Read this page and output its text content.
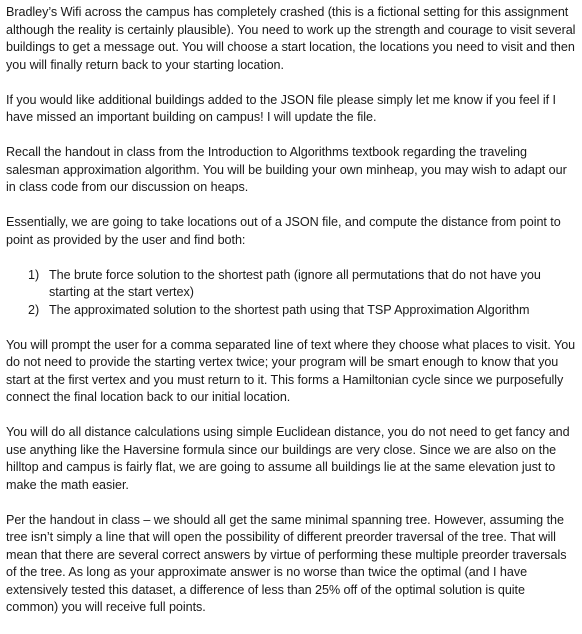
Bradley’s Wifi across the campus has completely crashed (this is a fictional setting for this assignment although the reality is certainly plausible). You need to work up the strength and courage to visit several buildings to get a message out. You will choose a start location, the locations you need to visit and then you will finally return back to your starting location.

If you would like additional buildings added to the JSON file please simply let me know if you feel if I have missed an important building on campus! I will update the file.

Recall the handout in class from the Introduction to Algorithms textbook regarding the traveling salesman approximation algorithm. You will be building your own minheap, you may wish to adapt our in class code from our discussion on heaps.

Essentially, we are going to take locations out of a JSON file, and compute the distance from point to point as provided by the user and find both:

1) The brute force solution to the shortest path (ignore all permutations that do not have you starting at the start vertex)
2) The approximated solution to the shortest path using that TSP Approximation Algorithm

You will prompt the user for a comma separated line of text where they choose what places to visit. You do not need to provide the starting vertex twice; your program will be smart enough to know that you start at the first vertex and you must return to it. This forms a Hamiltonian cycle since we purposefully connect the final location back to our initial location.

You will do all distance calculations using simple Euclidean distance, you do not need to get fancy and use anything like the Haversine formula since our buildings are very close. Since we are also on the hilltop and campus is fairly flat, we are going to assume all buildings lie at the same elevation just to make the math easier.

Per the handout in class – we should all get the same minimal spanning tree. However, assuming the tree isn’t simply a line that will open the possibility of different preorder traversal of the tree. That will mean that there are several correct answers by virtue of performing these multiple preorder traversals of the tree. As long as your approximate answer is no worse than twice the optimal (and I have extensively tested this dataset, a difference of less than 25% off of the optimal solution is quite common) you will receive full points.
